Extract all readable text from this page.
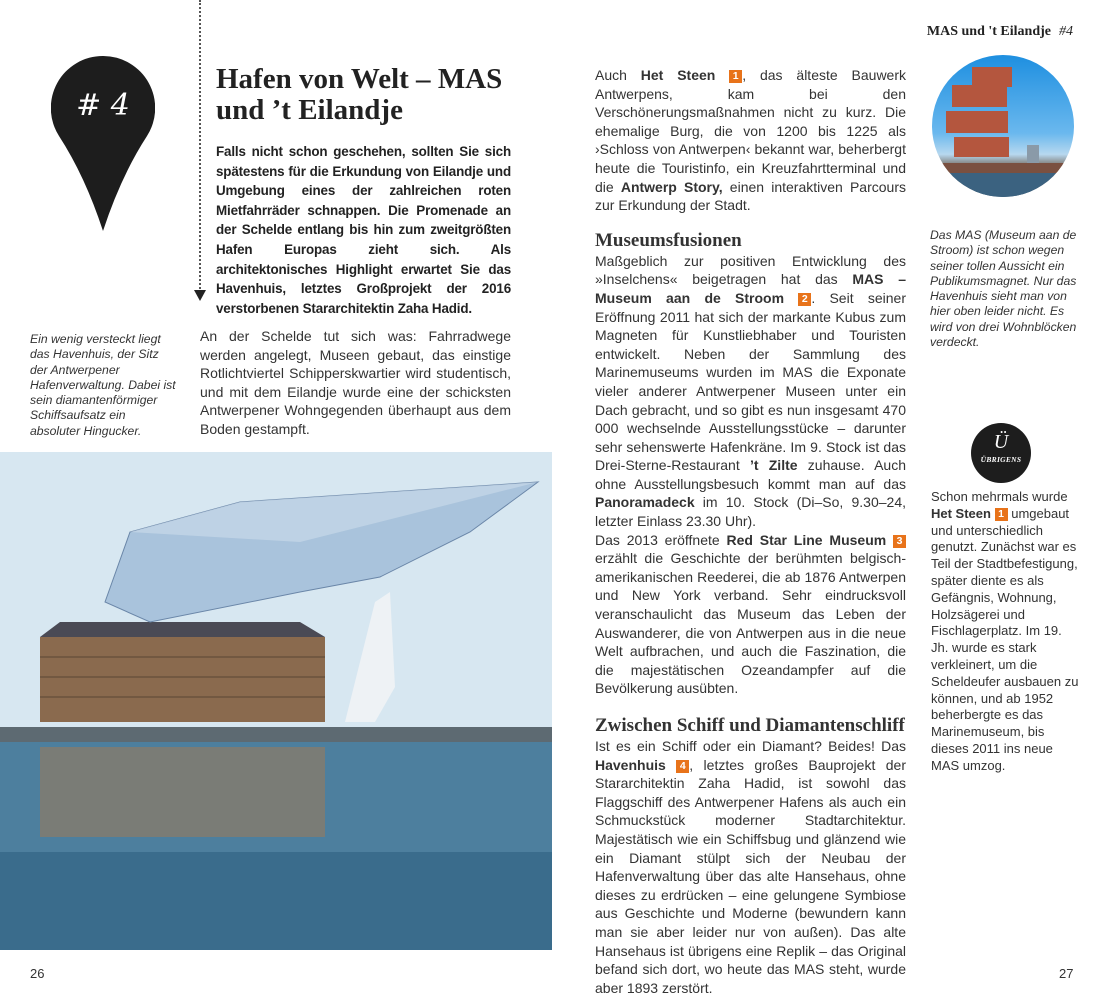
MAS und 't Eilandje #4
# 4
Hafen von Welt – MAS und ’t Eilandje

Falls nicht schon geschehen, sollten Sie sich spätestens für die Erkundung von Eilandje und Umgebung eines der zahlreichen roten Mietfahrräder schnappen. Die Promenade an der Schelde entlang bis hin zum zweitgrößten Hafen Europas zieht sich. Als architektonisches Highlight erwartet Sie das Havenhuis, letztes Großprojekt der 2016 verstorbenen Stararchitektin Zaha Hadid.

An der Schelde tut sich was: Fahrradwege werden angelegt, Museen gebaut, das einstige Rotlichtviertel Schipperskwartier wird studentisch, und mit dem Eilandje wurde eine der schicksten Antwerpener Wohngegenden überhaupt aus dem Boden gestampft.

Ein wenig versteckt liegt das Havenhuis, der Sitz der Antwerpener Hafenverwaltung. Dabei ist sein diamantenförmiger Schiffsaufsatz ein absoluter Hingucker.

Auch Het Steen 1 , das älteste Bauwerk Antwerpens, kam bei den Verschönerungsmaßnahmen nicht zu kurz. Die ehemalige Burg, die von 1200 bis 1225 als ›Schloss von Antwerpen‹ bekannt war, beherbergt heute die Touristinfo, ein Kreuzfahrtterminal und die Antwerp Story, einen interaktiven Parcours zur Erkundung der Stadt.

Museumsfusionen

Maßgeblich zur positiven Entwicklung des »Inselchens« beigetragen hat das MAS – Museum aan de Stroom 2 . Seit seiner Eröffnung 2011 hat sich der markante Kubus zum Magneten für Kunstliebhaber und Touristen entwickelt. Neben der Sammlung des Marinemuseums wurden im MAS die Exponate vieler anderer Antwerpener Museen unter ein Dach gebracht, und so gibt es nun insgesamt 470 000 wechselnde Ausstellungsstücke – darunter sehr sehenswerte Hafenkräne. Im 9. Stock ist das Drei-Sterne-Restaurant ’t Zilte zuhause. Auch ohne Ausstellungsbesuch kommt man auf das Panoramadeck im 10. Stock (Di–So, 9.30–24, letzter Einlass 23.30 Uhr).

Das 2013 eröffnete Red Star Line Museum 3 erzählt die Geschichte der berühmten belgisch-amerikanischen Reederei, die ab 1876 Antwerpen und New York verband. Sehr eindrucksvoll veranschaulicht das Museum das Leben der Auswanderer, die von Antwerpen aus in die neue Welt aufbrachen, und auch die Faszination, die die majestätischen Ozeandampfer auf die Bevölkerung ausübten.

Zwischen Schiff und Diamantenschliff

Ist es ein Schiff oder ein Diamant? Beides! Das Havenhuis 4 , letztes großes Bauprojekt der Stararchitektin Zaha Hadid, ist sowohl das Flaggschiff des Antwerpener Hafens als auch ein Schmuckstück moderner Stadtarchitektur. Majestätisch wie ein Schiffsbug und glänzend wie ein Diamant stülpt sich der Neubau der Hafenverwaltung über das alte Hansehaus, ohne dieses zu erdrücken – eine gelungene Symbiose aus Geschichte und Moderne (bewundern kann man sie aber leider nur von außen). Das alte Hansehaus ist übrigens eine Replik – das Original befand sich dort, wo heute das MAS steht, wurde aber 1893 zerstört.

Das MAS (Museum aan de Stroom) ist schon wegen seiner tollen Aussicht ein Publikumsmagnet. Nur das Havenhuis sieht man von hier oben leider nicht. Es wird von drei Wohnblöcken verdeckt.

Ü
ÜBRIGENS

Schon mehrmals wurde Het Steen 1 umgebaut und unterschiedlich genutzt. Zunächst war es Teil der Stadtbefestigung, später diente es als Gefängnis, Wohnung, Holzsägerei und Fischlagerplatz. Im 19. Jh. wurde es stark verkleinert, um die Scheldeufer ausbauen zu können, und ab 1952 beherbergte es das Marinemuseum, bis dieses 2011 ins neue MAS umzog.

26	27
